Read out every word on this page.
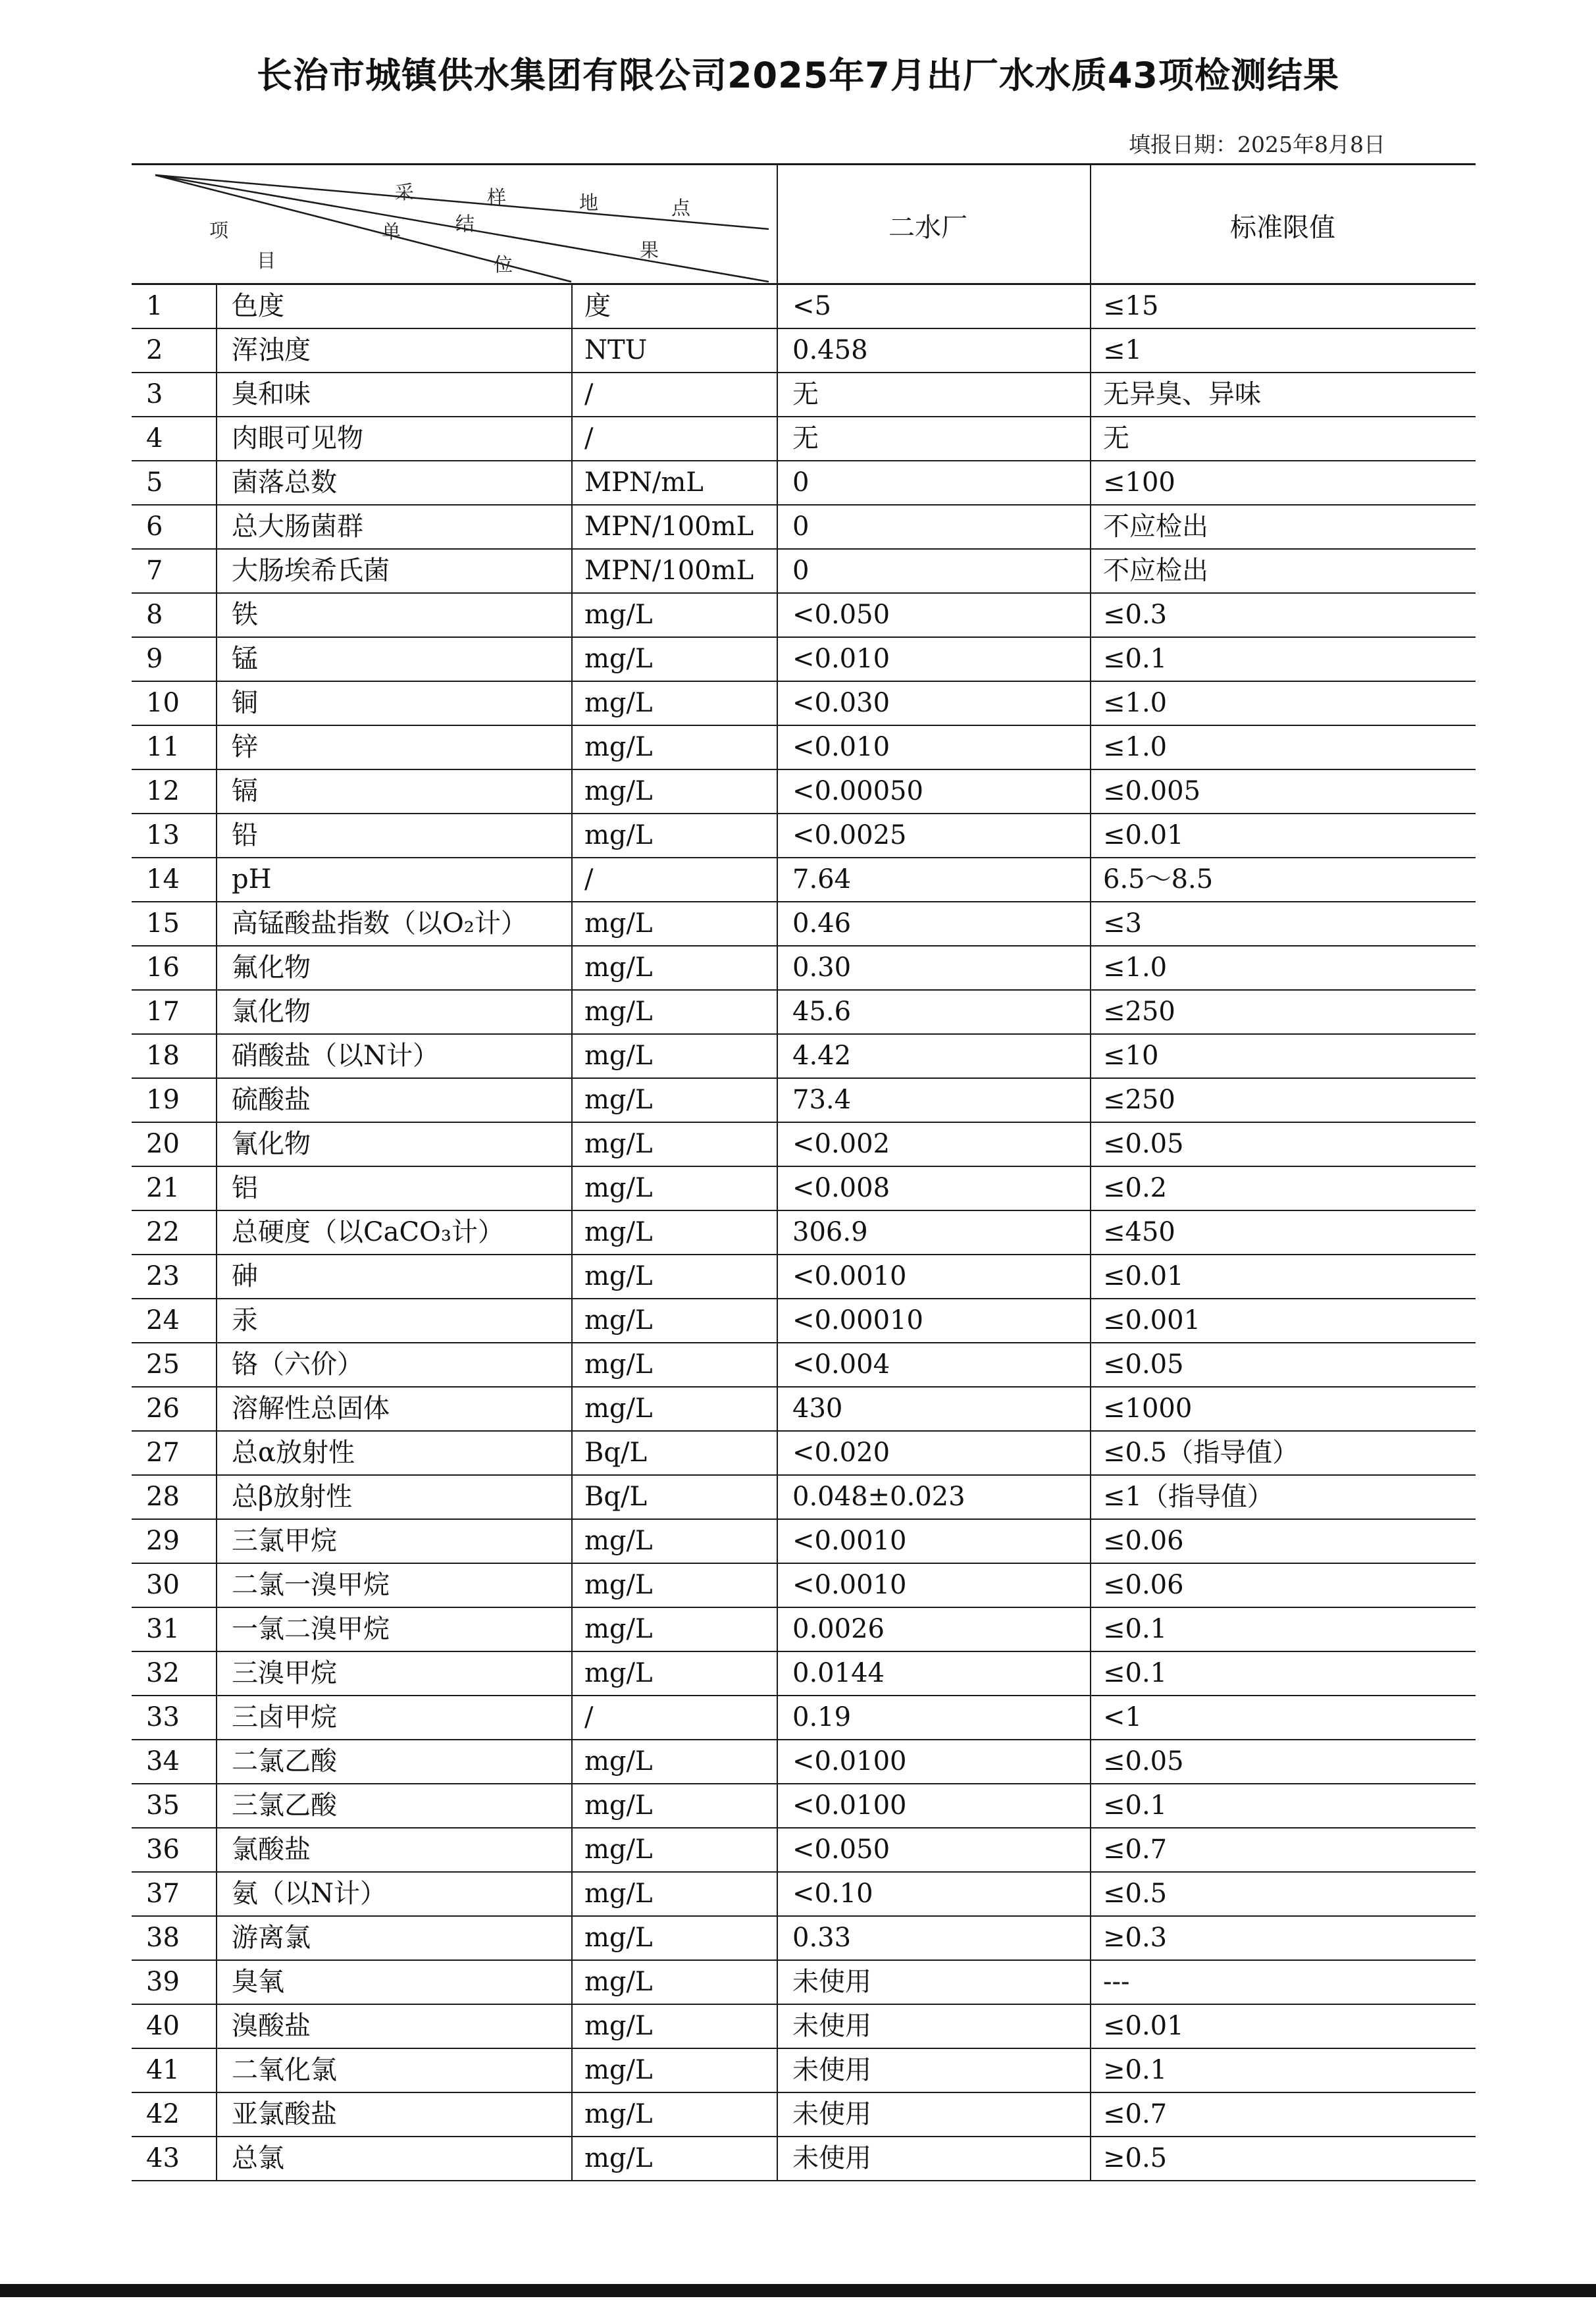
长治市城镇供水集团有限公司2025年7月出厂水水质43项检测结果
填报日期：2025年8月8日
采	样	地	点
结
果
项
目
单
位
二水厂	标准限值
1	色度	度	<5	≤15
2	浑浊度	NTU	0.458	≤1
3	臭和味	/	无	无异臭、异味
4	肉眼可见物	/	无	无
5	菌落总数	MPN/mL	0	≤100
6	总大肠菌群	MPN/100mL 0	不应检出
7	大肠埃希氏菌	MPN/100mL 0	不应检出
8	铁	mg/L	<0.050	≤0.3
9	锰	mg/L	<0.010	≤0.1
10 铜	mg/L	<0.030	≤1.0
11 锌	mg/L	<0.010	≤1.0
12 镉	mg/L	<0.00050	≤0.005
13 铅	mg/L	<0.0025	≤0.01
14 pH	/	7.64	6.5～8.5
15 高锰酸盐指数（以O₂计） mg/L	0.46	≤3
16 氟化物	mg/L	0.30	≤1.0
17 氯化物	mg/L	45.6	≤250
18 硝酸盐（以N计）	mg/L	4.42	≤10
19 硫酸盐	mg/L	73.4	≤250
20 氰化物	mg/L	<0.002	≤0.05
21 铝	mg/L	<0.008	≤0.2
22 总硬度（以CaCO₃计）	mg/L	306.9	≤450
23 砷	mg/L	<0.0010	≤0.01
24 汞	mg/L	<0.00010	≤0.001
25 铬（六价）	mg/L	<0.004	≤0.05
26 溶解性总固体	mg/L	430	≤1000
27 总α放射性	Bq/L	<0.020	≤0.5（指导值）
28 总β放射性	Bq/L	0.048±0.023	≤1（指导值）
29 三氯甲烷	mg/L	<0.0010	≤0.06
30 二氯一溴甲烷	mg/L	<0.0010	≤0.06
31 一氯二溴甲烷	mg/L	0.0026	≤0.1
32 三溴甲烷	mg/L	0.0144	≤0.1
33 三卤甲烷	/	0.19	<1
34 二氯乙酸	mg/L	<0.0100	≤0.05
35 三氯乙酸	mg/L	<0.0100	≤0.1
36 氯酸盐	mg/L	<0.050	≤0.7
37 氨（以N计）	mg/L	<0.10	≤0.5
38 游离氯	mg/L	0.33	≥0.3
39 臭氧	mg/L	未使用	---
40 溴酸盐	mg/L	未使用	≤0.01
41 二氧化氯	mg/L	未使用	≥0.1
42 亚氯酸盐	mg/L	未使用	≤0.7
43 总氯	mg/L	未使用	≥0.5
